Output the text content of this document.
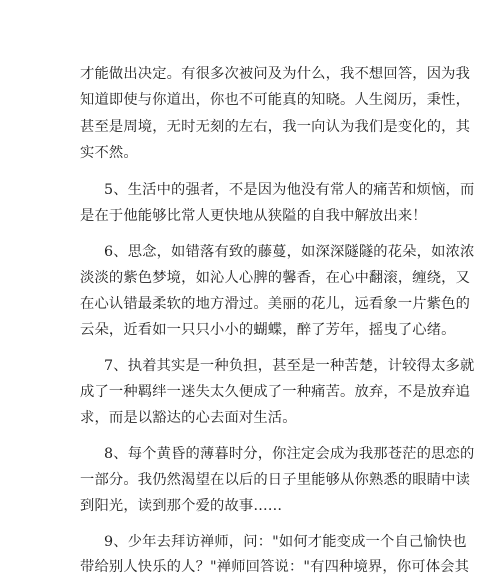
才能做出决定。有很多次被问及为什么，我不想回答，因为我
知道即使与你道出，你也不可能真的知晓。人生阅历，秉性，
甚至是周境，无时无刻的左右，我一向认为我们是变化的，其
实不然。
5、生活中的强者，不是因为他没有常人的痛苦和烦恼，而
是在于他能够比常人更快地从狭隘的自我中解放出来！
6、思念，如错落有致的藤蔓，如深深隧隧的花朵，如浓浓
淡淡的紫色梦境，如沁人心脾的馨香，在心中翻滚，缠绕，又
在心认错最柔软的地方滑过。美丽的花儿，远看象一片紫色的
云朵，近看如一只只小小的蝴蝶，醉了芳年，摇曳了心绪。
7、执着其实是一种负担，甚至是一种苦楚，计较得太多就
成了一种羁绊一迷失太久便成了一种痛苦。放弃，不是放弃追
求，而是以豁达的心去面对生活。
8、每个黄昏的薄暮时分，你注定会成为我那苍茫的思恋的
一部分。我仍然渴望在以后的日子里能够从你熟悉的眼睛中读
到阳光，读到那个爱的故事……
9、少年去拜访禅师，问："如何才能变成一个自己愉快也
带给别人快乐的人？"禅师回答说："有四种境界，你可体会其
